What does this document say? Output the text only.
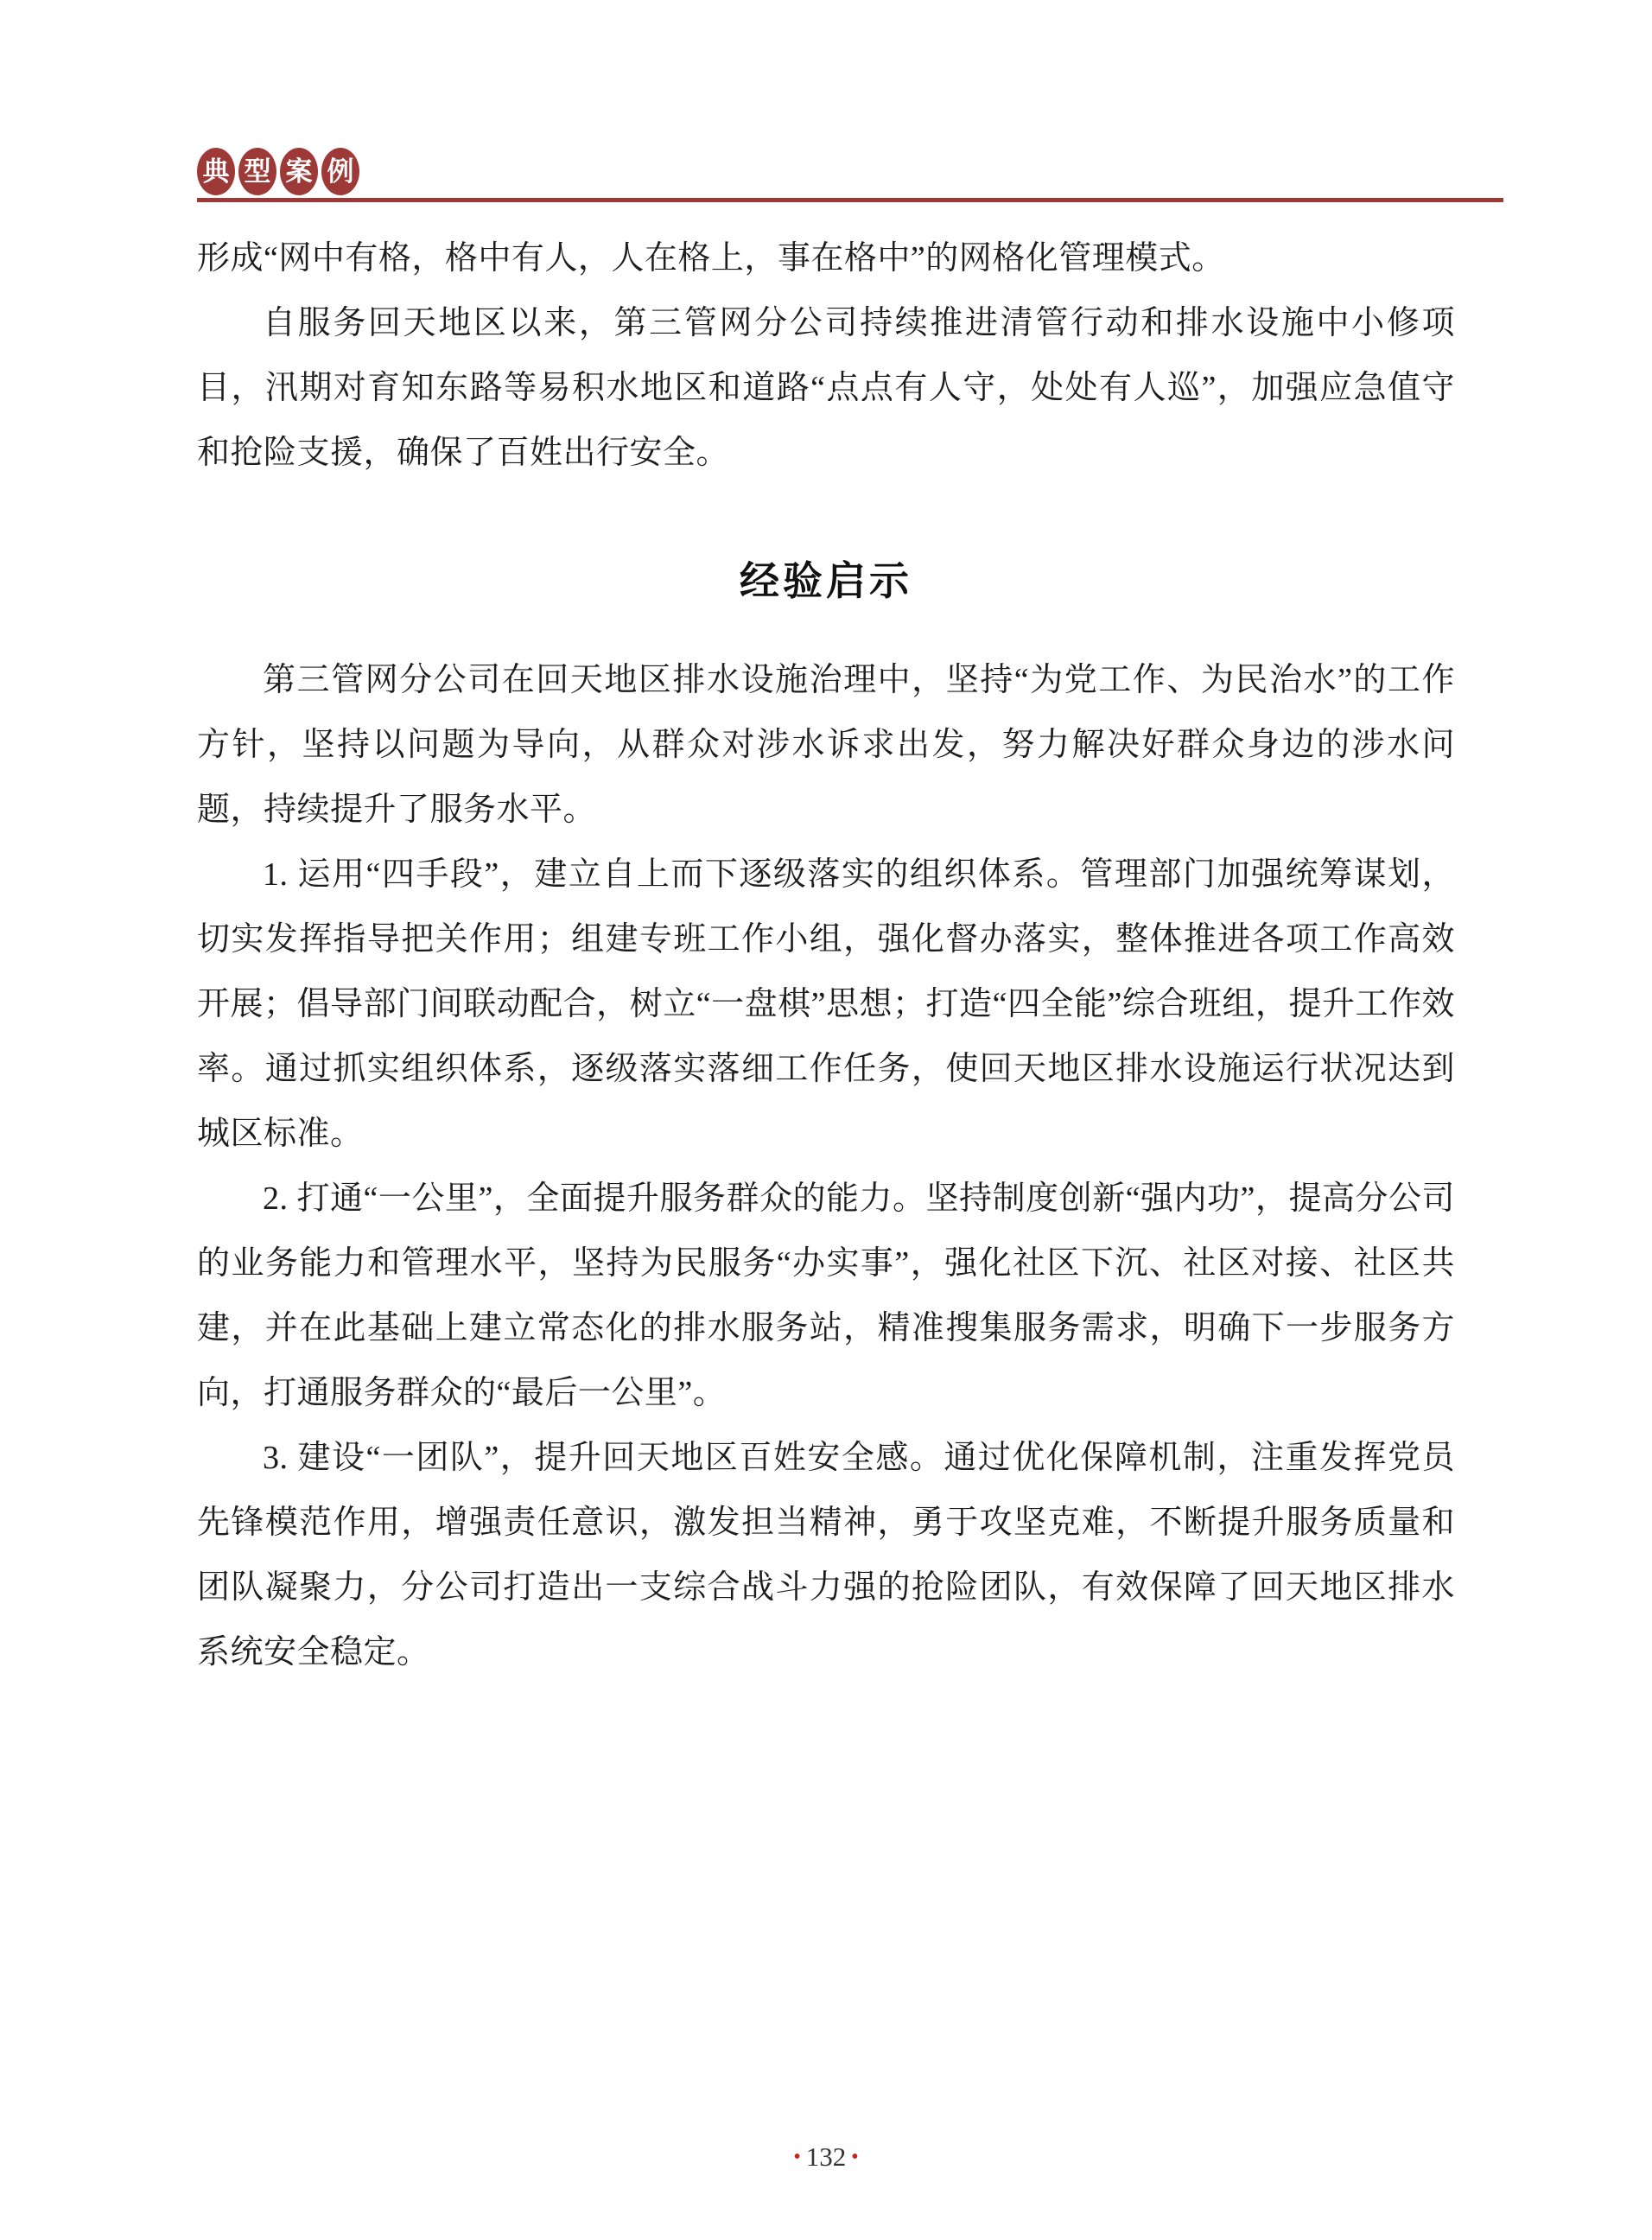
典 型 案 例

形成“网中有格，格中有人，人在格上，事在格中”的网格化管理模式。

自服务回天地区以来，第三管网分公司持续推进清管行动和排水设施中小修项目，汛期对育知东路等易积水地区和道路“点点有人守，处处有人巡”，加强应急值守和抢险支援，确保了百姓出行安全。

经验启示

第三管网分公司在回天地区排水设施治理中，坚持“为党工作、为民治水”的工作方针，坚持以问题为导向，从群众对涉水诉求出发，努力解决好群众身边的涉水问题，持续提升了服务水平。

1. 运用“四手段”，建立自上而下逐级落实的组织体系。管理部门加强统筹谋划，切实发挥指导把关作用；组建专班工作小组，强化督办落实，整体推进各项工作高效开展；倡导部门间联动配合，树立“一盘棋”思想；打造“四全能”综合班组，提升工作效率。通过抓实组织体系，逐级落实落细工作任务，使回天地区排水设施运行状况达到城区标准。

2. 打通“一公里”，全面提升服务群众的能力。坚持制度创新“强内功”，提高分公司的业务能力和管理水平，坚持为民服务“办实事”，强化社区下沉、社区对接、社区共建，并在此基础上建立常态化的排水服务站，精准搜集服务需求，明确下一步服务方向，打通服务群众的“最后一公里”。

3. 建设“一团队”，提升回天地区百姓安全感。通过优化保障机制，注重发挥党员先锋模范作用，增强责任意识，激发担当精神，勇于攻坚克难，不断提升服务质量和团队凝聚力，分公司打造出一支综合战斗力强的抢险团队，有效保障了回天地区排水系统安全稳定。

• 132 •
